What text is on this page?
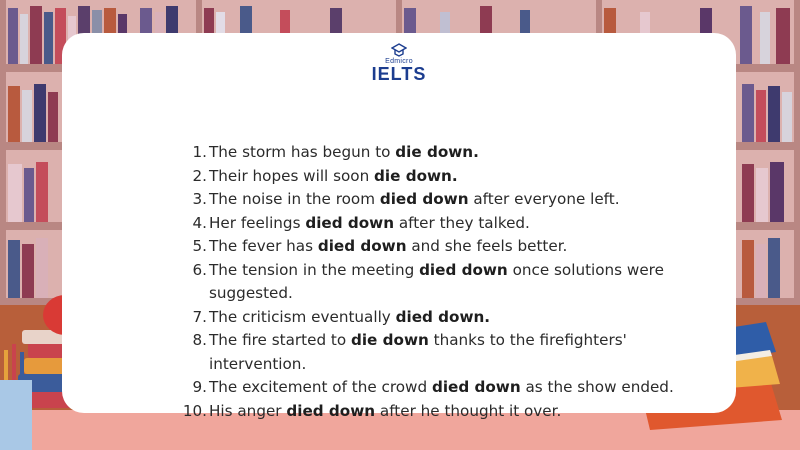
Edmicro
IELTS
1. The storm has begun to die down.
2. Their hopes will soon die down.
3. The noise in the room died down after everyone left.
4. Her feelings died down after they talked.
5. The fever has died down and she feels better.
6. The tension in the meeting died down once solutions were suggested.
7. The criticism eventually died down.
8. The fire started to die down thanks to the firefighters' intervention.
9. The excitement of the crowd died down as the show ended.
10. His anger died down after he thought it over.
